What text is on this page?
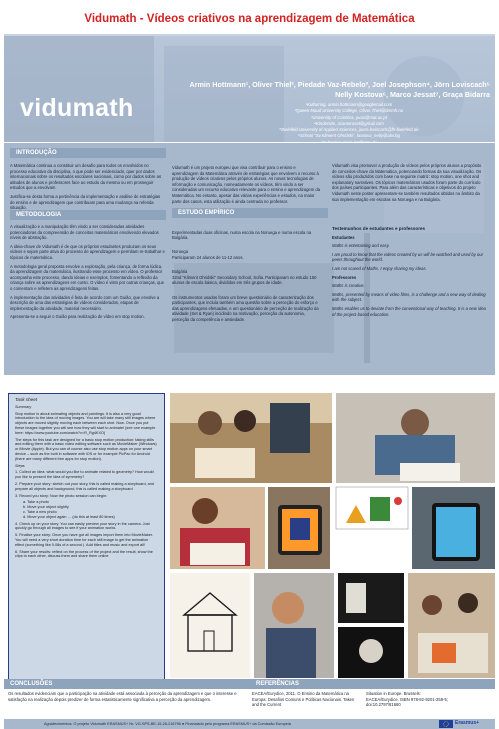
Vidumath - Vídeos criativos na aprendizagem de Matemática
vidumath
Armin Hottmann¹, Oliver Thiel², Piedade Vaz-Rebelo³, Joel Josephson⁴, Jörn Loviscach⁵
Nelly Kostova⁶, Marco Jessat⁷, Graça Bidarra
¹Kulturring, armin.hottmann@googlemail.com
²Queen Maud University College, Oliver.Thiel@dmmh.no
³University of Coimbra, pvaz@mat.uc.pt
⁴Kindersite, acameraset@gmail.com
⁵Bielefeld University of Applied Sciences, joern.loviscach@fh-bielefeld.de
⁶School "Sv.Kliment Ohridski", kostova_nelly@abv.bg
INTRODUÇÃO

A Matemática continua a constituir um desafio para todos os envolvidos no processo educativo da disciplina, o que pode ser evidenciado, quer por dados internacionais sobre os resultados escolares nacionais, como por dados sobre as atitudes de alunos e professores face ao estudo da mesma ou em prosseguir estudos que a envolvam.

Justifica-se desta forma a pertinência da implementação e análise de estratégias de ensino e de aprendizagem que contribuam para uma mudança na referida situação.

Vidumath é um projeto europeu que visa contribuir para o ensino e aprendizagem da Matemática através de estratégias que envolvem o recurso à produção de vídeos criativos pelos próprios alunos. As novas tecnologias de informação e comunicação, nomeadamente os vídeos, têm vindo a ser consideradas um recurso educativo relevante para o ensino e aprendizagem da Matemática. No entanto, apesar das várias experiências e estudos, na maior parte dos casos, esta utilização é ainda centrada no professor.
Vidumath visa promover a produção de vídeos pelos próprios alunos a propósito de conceitos-chave da Matemática, potenciando formas da sua visualização. Os vídeos são produzidos com base na seguinte matriz: stop motion, one shot and explanatory narratives. Os tópicos matemáticos usados foram parte do currículo dos países participantes. Para além das características e objetivos do projeto Vidumath neste poster apresentam-se também resultados obtidos no âmbito da sua implementação em escolas na Noruega e na Bulgária.
METODOLOGIA

A visualização e a manipulação têm vindo a ser consideradas atividades potenciadoras da compreensão de conceitos matemáticos envolvendo elevados níveis de abstração.

A ideia-chave de Vidumath é de que os próprios estudantes produzam os seus vídeos e sejam parte ativa do processo de aprendizagem e permitam re-trabalhar e tópicos de matemática.

A metodologia geral proposta envolve a exploração, pela criança, de forma lúdica, da aprendizagem da matemática, ilustrando esse processo em vídeo. O professor acompanha este processo, dando ideias e exemplos, fomentando a reflexão da criança sobre as aprendizagens em curso. O vídeo é visto por outras crianças, que o comentam e refletem as aprendizagens feitas.

A implementação das atividades é feita de acordo com um Guião, que envolve a descrição de uma das estratégias de vídeos considerados, etapas de implementação da atividade, material necessário.

Apresenta-se a seguir o Guião para realização de vídeo em stop motion.

ESTUDO EMPÍRICO

Experimentadas duas oficinas, numa escola na Noruega e numa escola na Bulgária.

Noruega
Participaram 24 alunos de 11-12 anos.

Bulgária
32nd "Kliment Ohridski" Secondary School, Sofia. Participaram no estudo 150 alunos de escola básica, divididos em três grupos de idade.

Os instrumentos usados foram um breve questionário de caracterização dos participantes, que incluía também uma questão sobre a perceção do esforço e das aprendizagens efetuadas, e um questionário de perceção de realização da atividade (Set & Ryan) incidindo na motivação, perceção da autonomia, perceção da competência e ansiedade.

Testemunhos de estudantes e professores

Estudantes

Maths is entertaining and easy.

I am proud to know that the videos created by us will be watched and used by our peers throughout the world.

I am not scared of Maths. I enjoy sharing my ideas.

Professores

Maths is creative.

Maths, presented by means of video films, is a challenge and a new way of dealing with the subject.

Maths enables us to deviate from the conventional way of teaching. It is a new idea of the project-based education.

Task sheet

Summary

Stop motion is about animating objects and paintings. It is also a very good introduction to the idea of moving images. You are will take many still images where objects are moved slightly moving each between each shot. Now. Once you put these images together you will see how they will start to animate! (see one example here: https://www.youtube.com/watch?v=R_Rg4KXO)

The steps for this task are designed for a basic stop motion production: taking stills and editing them with a basic video editing software such as MovieMaker (Windows) or iMovie (Apple). But you can of course also use stop motion apps on your smart device – such as the built in software with iOS or for example PicPac for Android (there are many different free apps for stop motion).

Steps

1. Collect an idea: what would you like to animate related to geometry? How would you like to present the idea of symmetry?

2. Prepare your story: sketch out your story, this is called making a storyboard, and prepare all objects and background, this is called making a storyboard

3. Record you story: Now the photo session can begin:

a. Take a photo

b. Move your object slightly

c. Take a new photo

d. Move your object again … (do this at least 80 times)

4. Check up on your story: You can easily preview your story in the camera. Just quickly go through all images to see if your animation works.

5. Finalise your story: Once you have got all images import them into MovieMaker. You will need a very short duration time for each still image to get the animation effect (something like 0.08s of a second ). Add titles and music and export all!

6. Share your results: reflect on the process of the project and the result, show the clips to each other, discuss them and share them online

CONCLUSÕES
Os resultados evidenciam que a participação na atividade está associada à perceção da aprendizagem e que o interesse e satisfação na realização depois predizer de forma estatisticamente significativa a perceção da aprendizagem.
REFERÊNCIAS
EACEA/Eurydice, 2011. O Ensino da Matemática na Europa: Desafios Comuns e Políticas Nacionais. Taken and the Current
Situation in Europe. Brussels: EACEA/Eurydice. ISBN 978-92-9201-259-5; doi:10.2797/81660
Agradecimentos: O projeto Vidumath ERASMUS+ Nr. VG-SPS-BE-15-26-216796 ● Financiado pelo programa ERASMUS+ da Comissão Europeia	Erasmus+
